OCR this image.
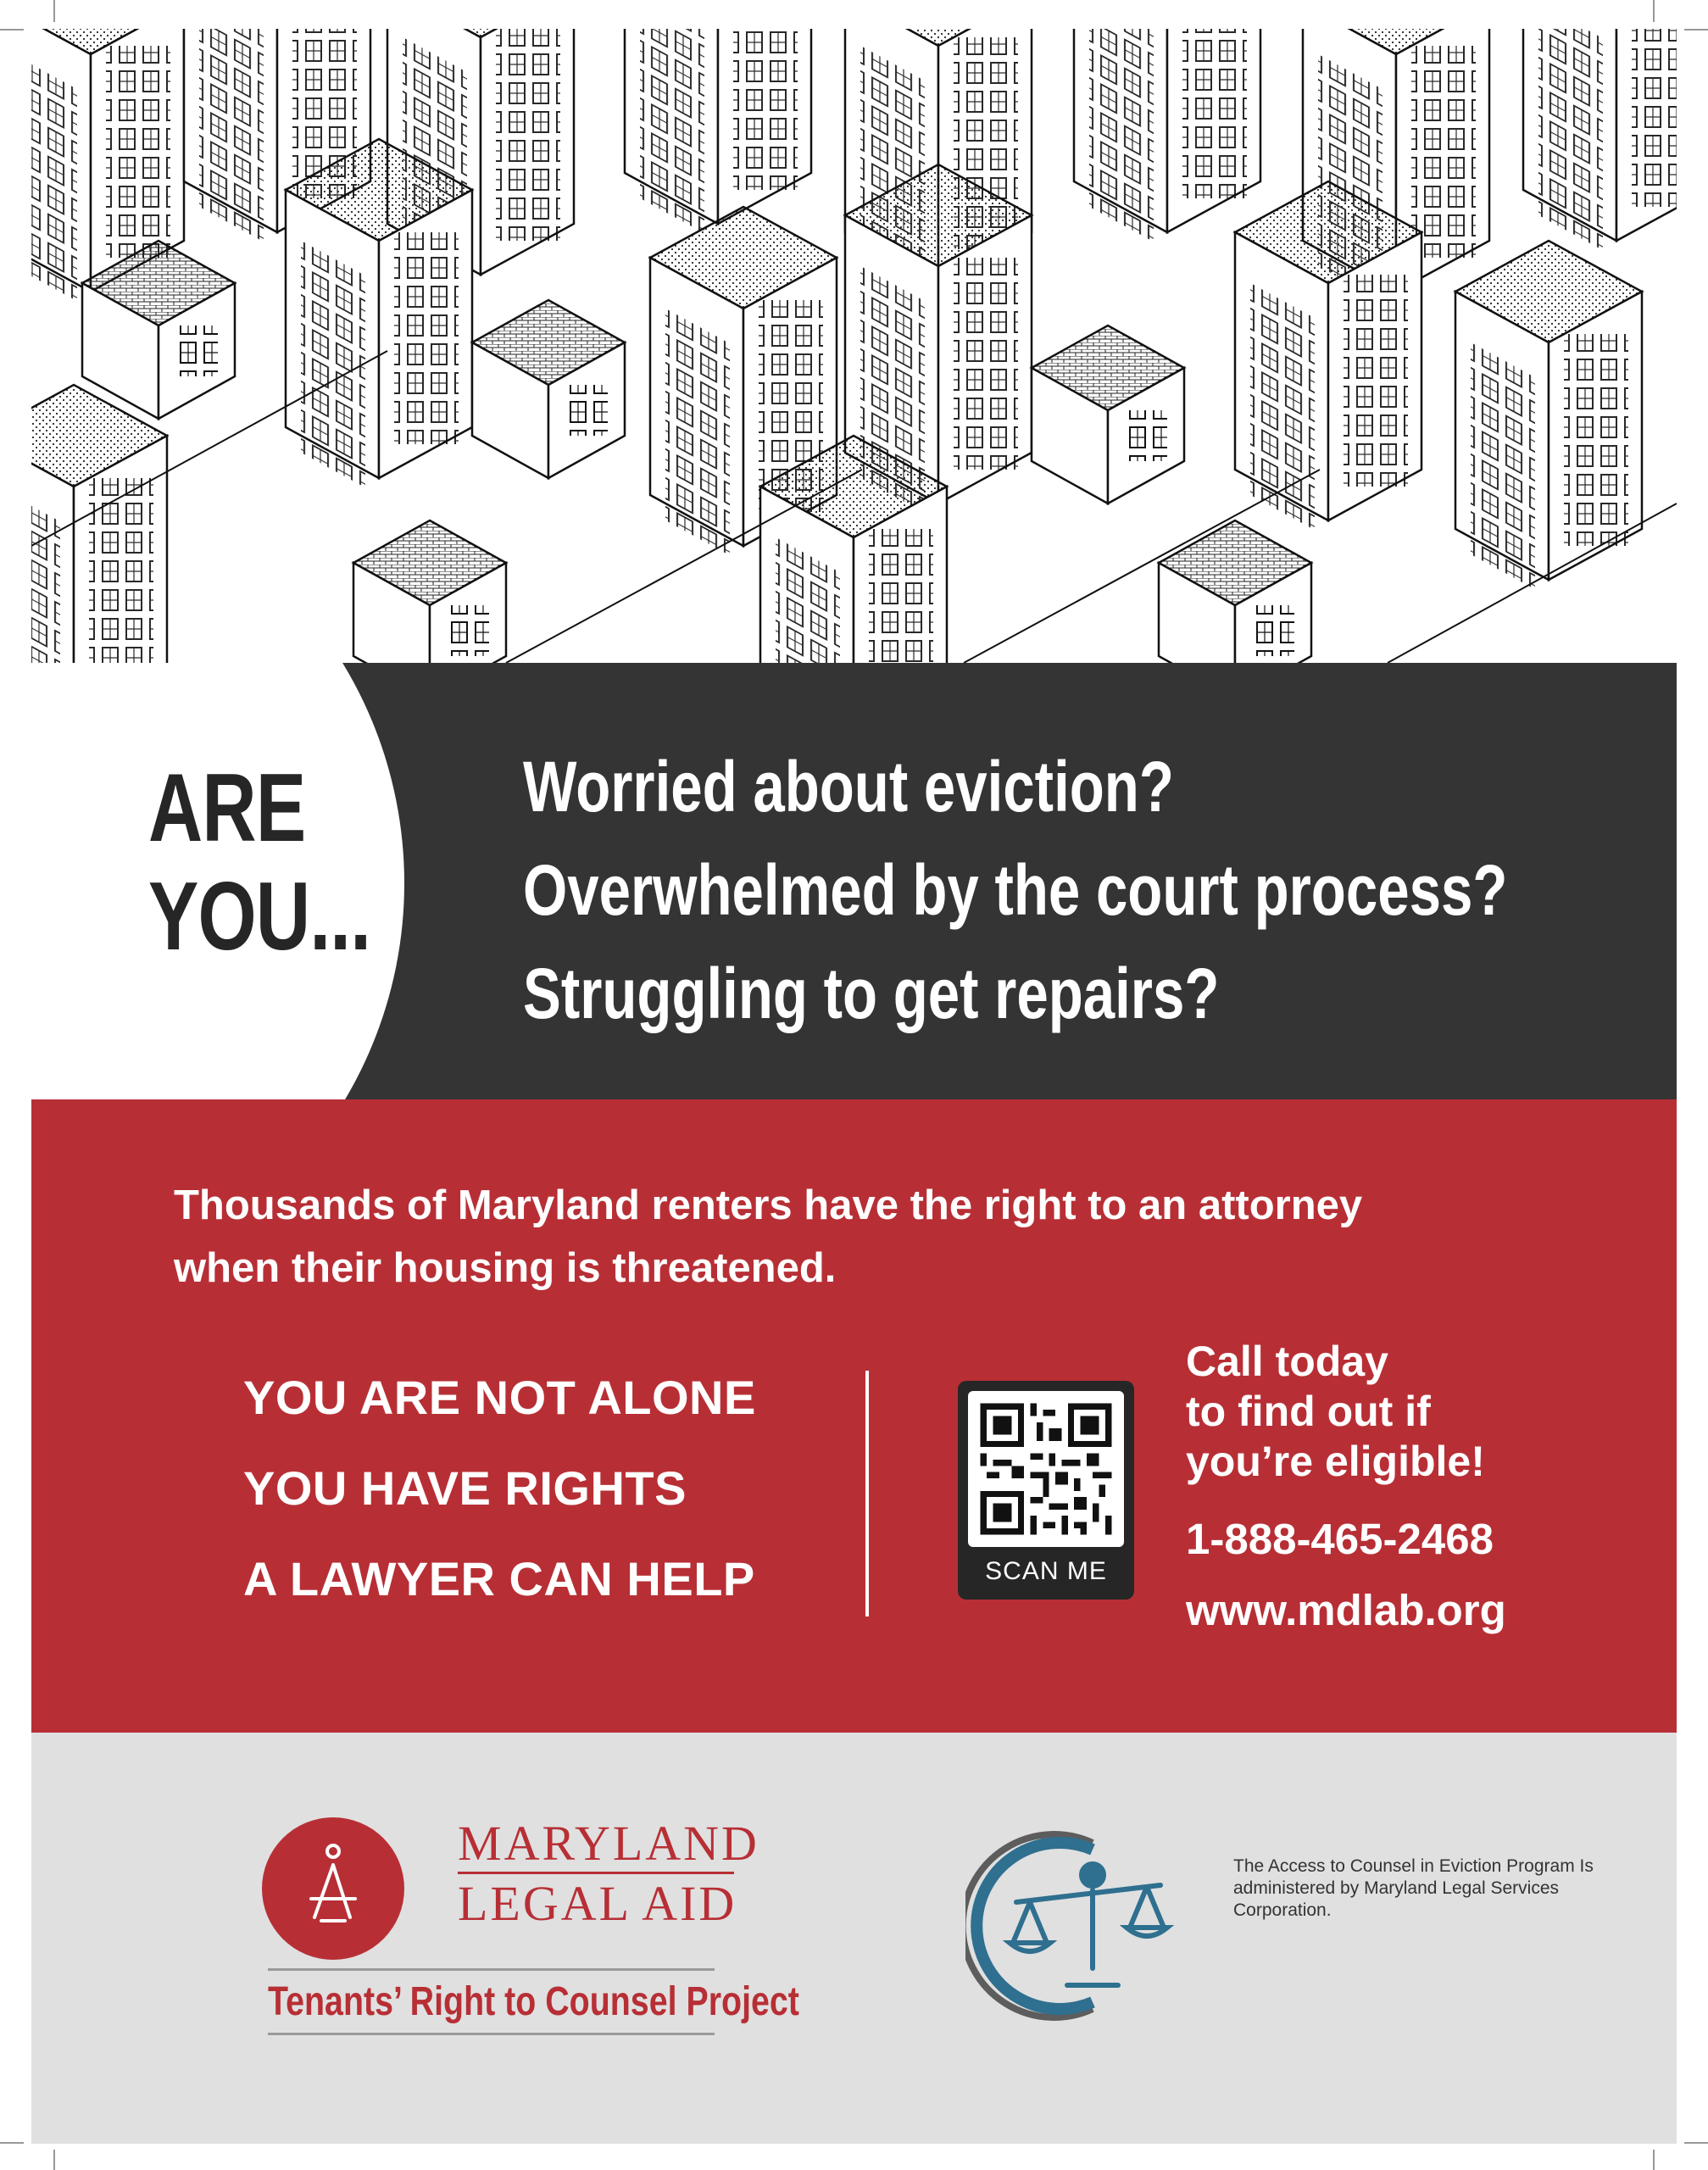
ARE
YOU...
Worried about eviction?
Overwhelmed by the court process?
Struggling to get repairs?

Thousands of Maryland renters have the right to an attorney when their housing is threatened.

YOU ARE NOT ALONE
YOU HAVE RIGHTS
A LAWYER CAN HELP	SCAN ME
Call today
to find out if
you’re eligible!
1-888-465-2468
www.mdlab.org
MARYLAND
LEGAL AID
Tenants’ Right to Counsel Project
The Access to Counsel in Eviction Program Is administered by Maryland Legal Services Corporation.
